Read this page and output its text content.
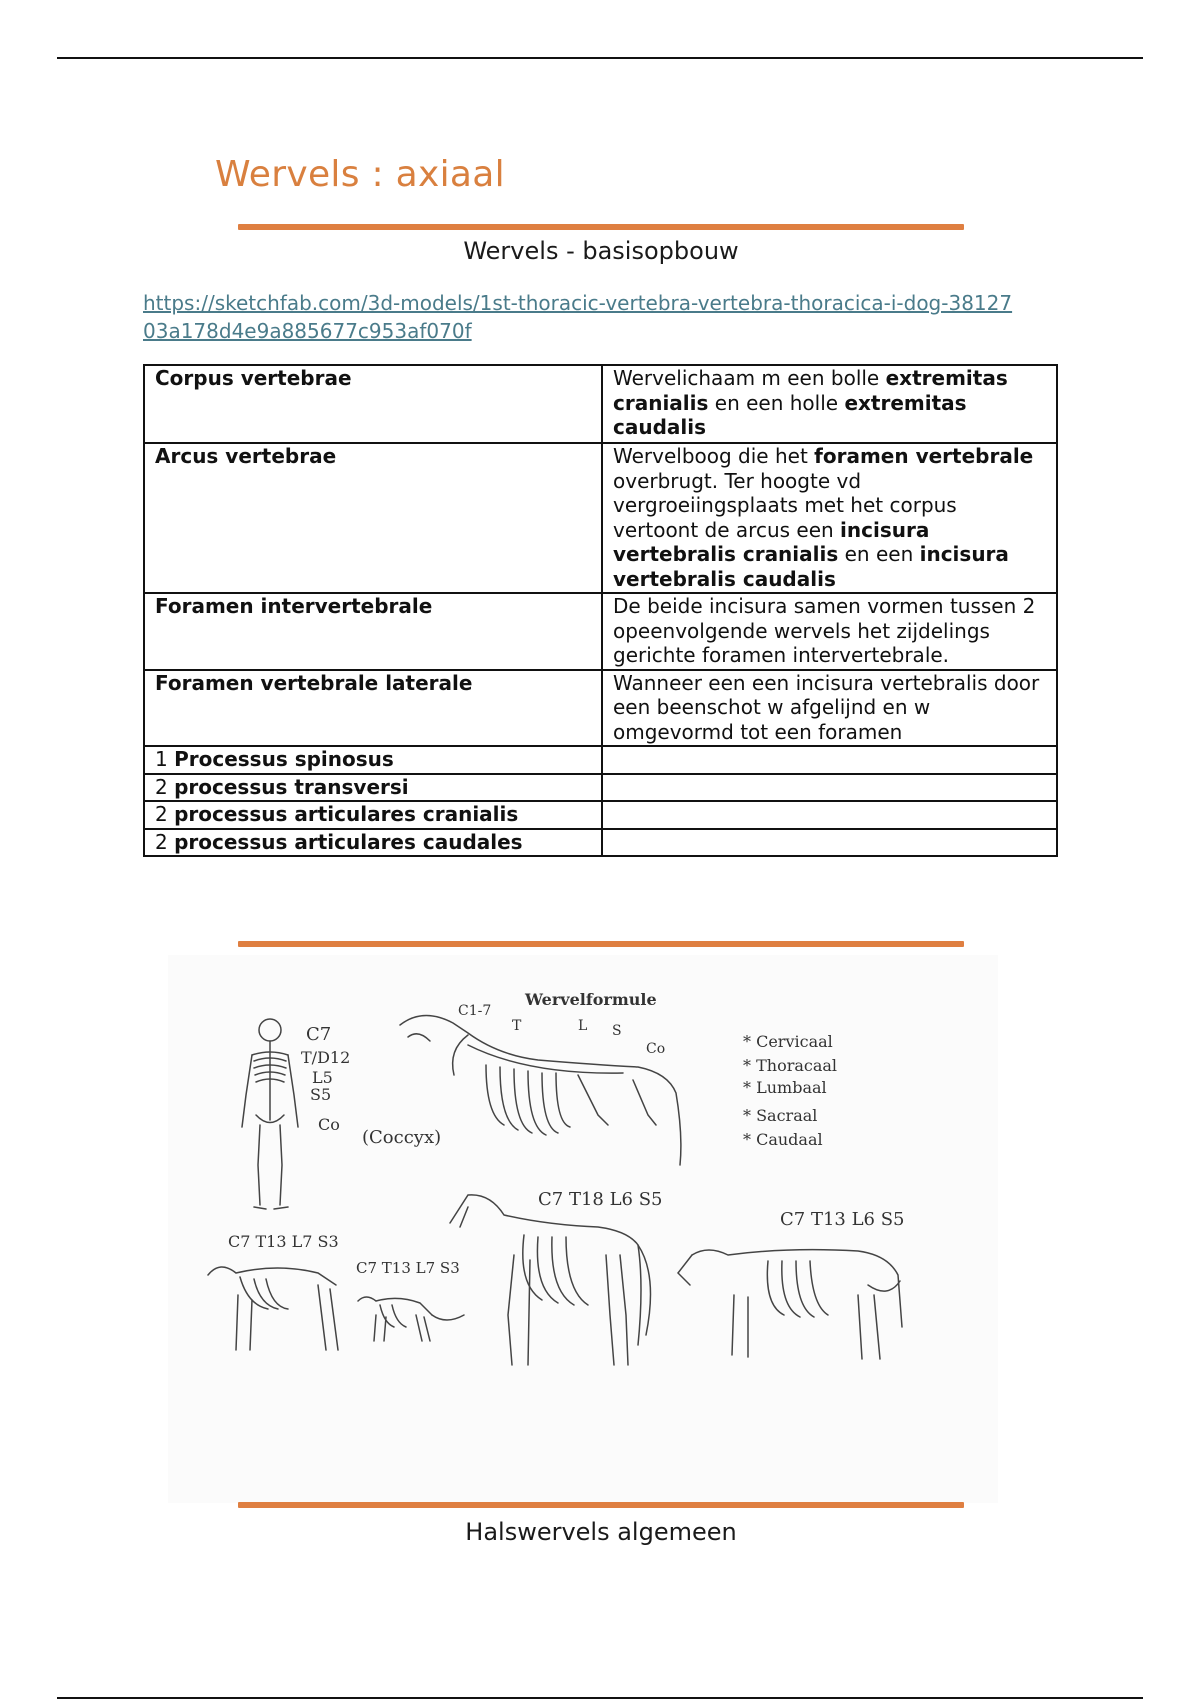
Wervels : axiaal
Wervels - basisopbouw
https://sketchfab.com/3d-models/1st-thoracic-vertebra-vertebra-thoracica-i-dog-3812703a178d4e9a885677c953af070f
Corpus vertebrae	Wervelichaam m een bolle extremitas cranialis en een holle extremitas caudalis
Arcus vertebrae	Wervelboog die het foramen vertebrale overbrugt. Ter hoogte vd vergroeiingsplaats met het corpus vertoont de arcus een incisura vertebralis cranialis en een incisura vertebralis caudalis
Foramen intervertebrale	De beide incisura samen vormen tussen 2 opeenvolgende wervels het zijdelings gerichte foramen intervertebrale.
Foramen vertebrale laterale	Wanneer een een incisura vertebralis door een beenschot w afgelijnd en w omgevormd tot een foramen
1 Processus spinosus	
2 processus transversi	
2 processus articulares cranialis	
2 processus articulares caudales	
Wervelformule
C7
T/D12
L5
S5
Co
(Coccyx)
C1-7
T	L S
Co	* Cervicaal
* Thoracaal
* Lumbaal
* Sacraal
* Caudaal
C7 T13 L7 S3
C7 T13 L7 S3
C7 T18 L6 S5
C7 T13 L6 S5
Halswervels algemeen
